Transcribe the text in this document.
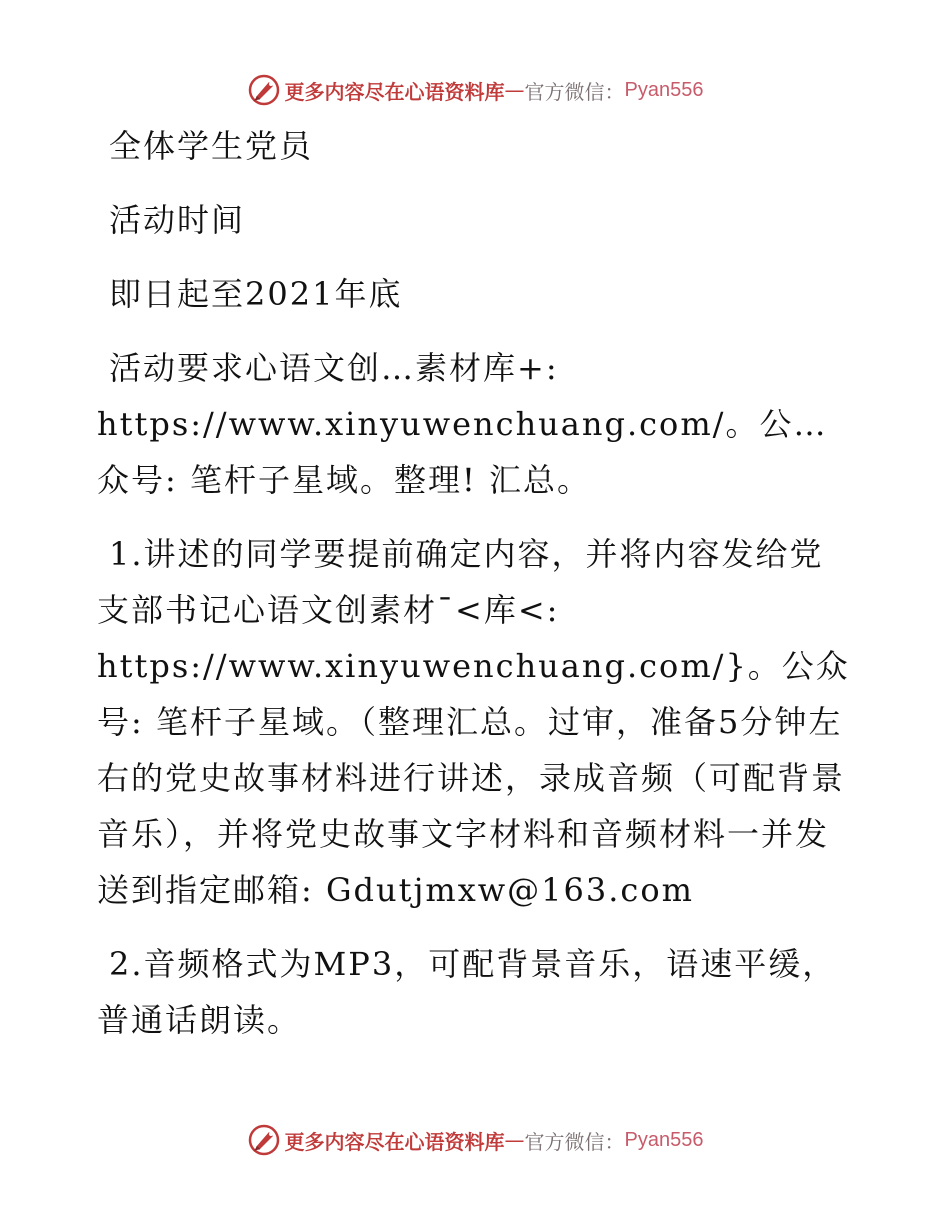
更多内容尽在心语资料库 — 官方微信： Pyan556

全体学生党员

活动时间

即日起至2021年底

活动要求心语文创…素材库+: https://www.xinyuwenchuang.com/。公…众号: 笔杆子星域。整理! 汇总。

1.讲述的同学要提前确定内容，并将内容发给党支部书记心语文创素材¯<库<: https://www.xinyuwenchuang.com/}。公众号: 笔杆子星域。（整理汇总。过审，准备5分钟左右的党史故事材料进行讲述，录成音频（可配背景音乐），并将党史故事文字材料和音频材料一并发送到指定邮箱: Gdutjmxw@163.com

2.音频格式为MP3，可配背景音乐，语速平缓，普通话朗读。

更多内容尽在心语资料库 — 官方微信： Pyan556
